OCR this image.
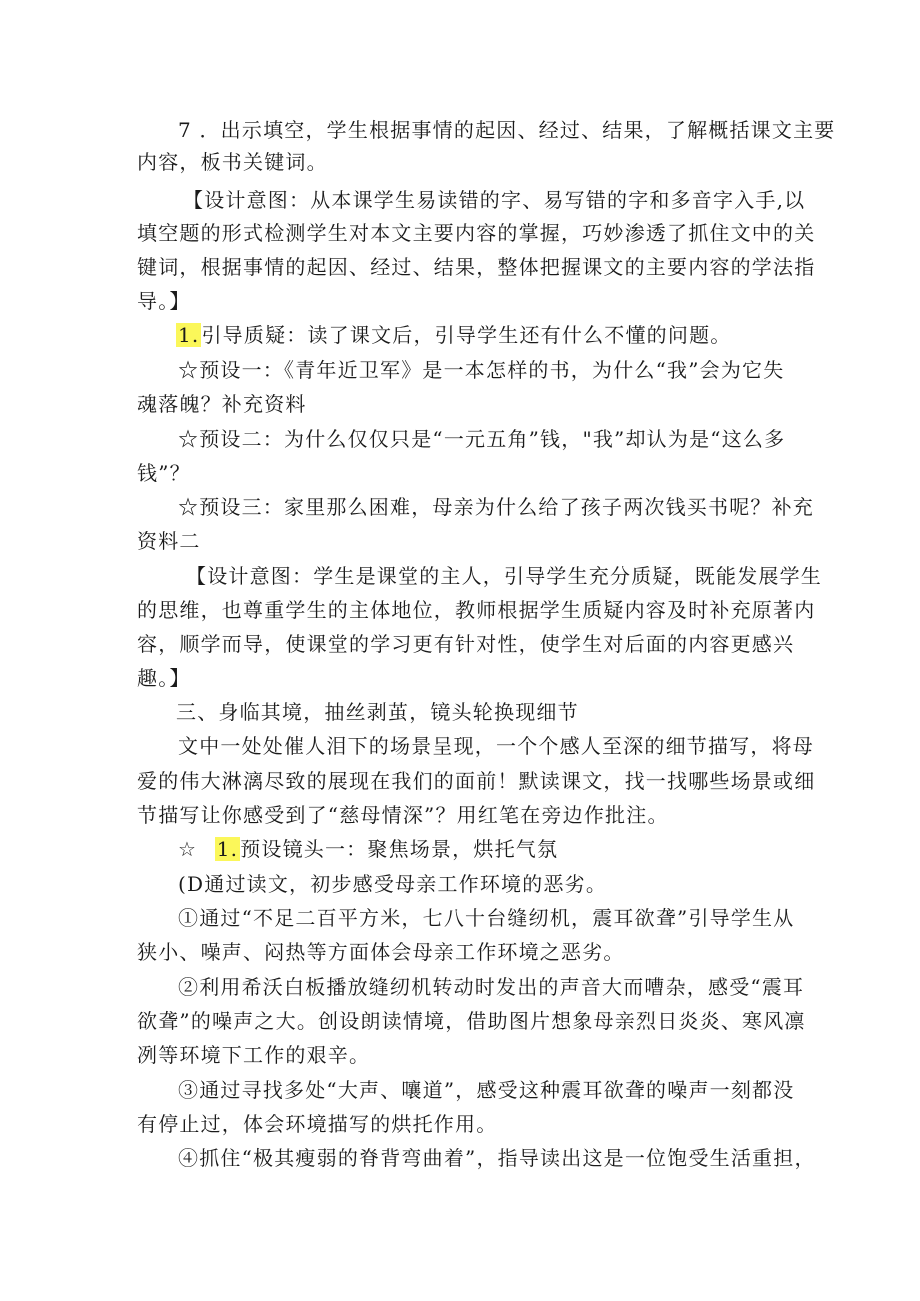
7 ．出示填空，学生根据事情的起因、经过、结果，了解概括课文主要
内容，板书关键词。
【设计意图：从本课学生易读错的字、易写错的字和多音字入手,以
填空题的形式检测学生对本文主要内容的掌握，巧妙渗透了抓住文中的关
键词，根据事情的起因、经过、结果，整体把握课文的主要内容的学法指
导。】
1. 引导质疑：读了课文后，引导学生还有什么不懂的问题。
☆预设一：《青年近卫军》是一本怎样的书，为什么“我”会为它失
魂落魄？补充资料
☆预设二：为什么仅仅只是“一元五角”钱，"我”却认为是“这么多
钱”？
☆预设三：家里那么困难，母亲为什么给了孩子两次钱买书呢？补充
资料二
【设计意图：学生是课堂的主人，引导学生充分质疑，既能发展学生
的思维，也尊重学生的主体地位，教师根据学生质疑内容及时补充原著内
容，顺学而导，使课堂的学习更有针对性，使学生对后面的内容更感兴
趣。】
三、身临其境，抽丝剥茧，镜头轮换现细节
文中一处处催人泪下的场景呈现，一个个感人至深的细节描写，将母
爱的伟大淋漓尽致的展现在我们的面前！默读课文，找一找哪些场景或细
节描写让你感受到了“慈母情深”？用红笔在旁边作批注。
☆ 1. 预设镜头一：聚焦场景，烘托气氛
(D通过读文，初步感受母亲工作环境的恶劣。
①通过“不足二百平方米，七八十台缝纫机，震耳欲聋”引导学生从
狭小、噪声、闷热等方面体会母亲工作环境之恶劣。
②利用希沃白板播放缝纫机转动时发出的声音大而嘈杂，感受“震耳
欲聋”的噪声之大。创设朗读情境，借助图片想象母亲烈日炎炎、寒风凛
冽等环境下工作的艰辛。
③通过寻找多处“大声、嚷道”，感受这种震耳欲聋的噪声一刻都没
有停止过，体会环境描写的烘托作用。
④抓住“极其瘦弱的脊背弯曲着”，指导读出这是一位饱受生活重担，
